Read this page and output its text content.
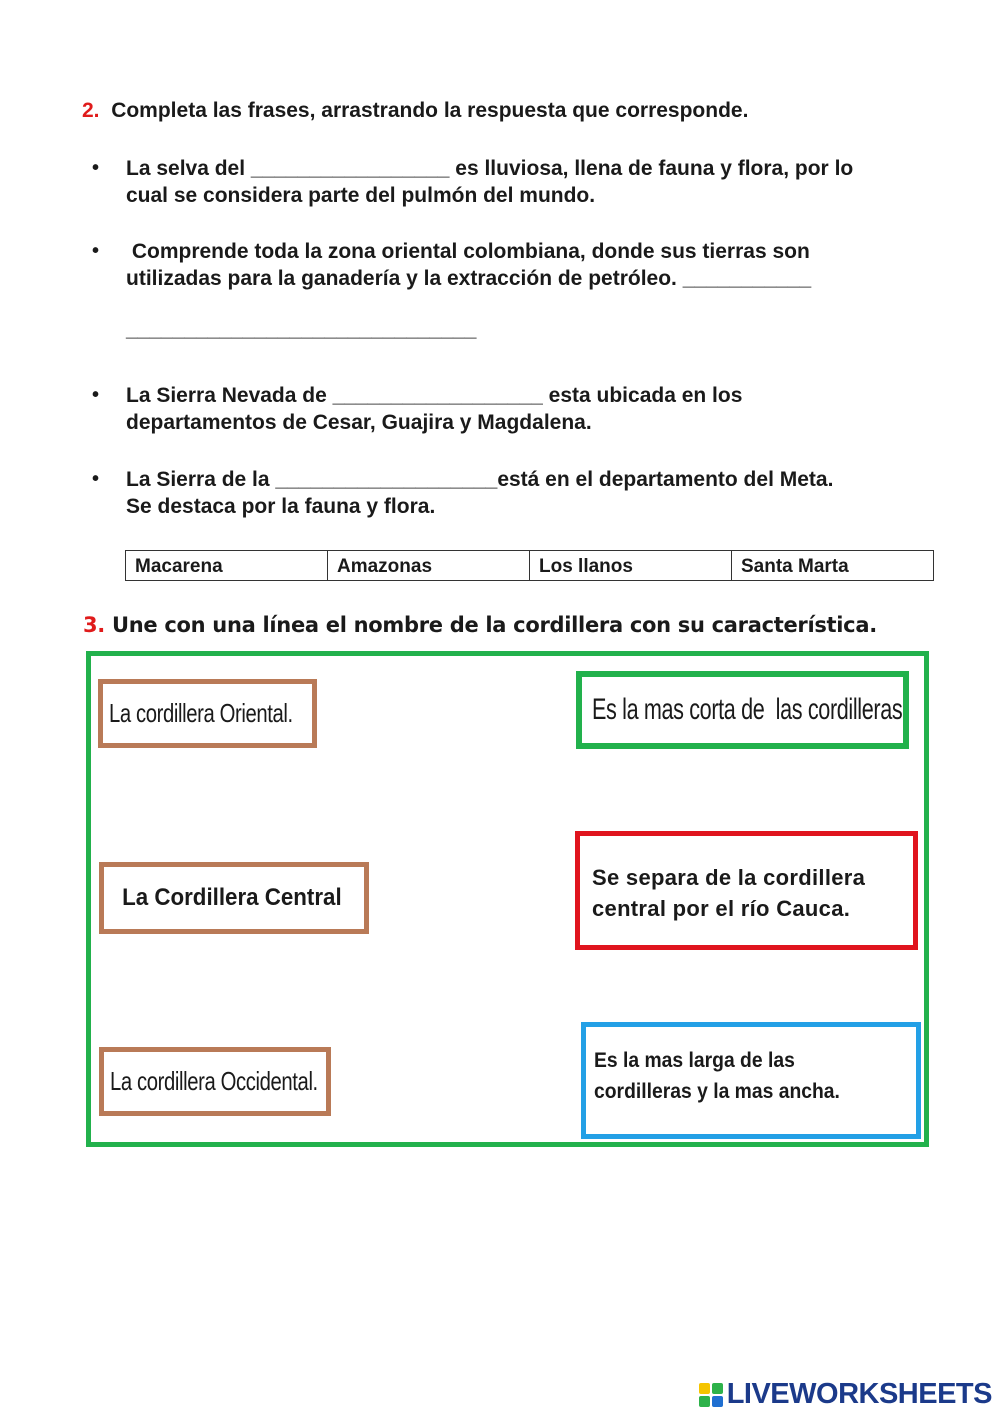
2. Completa las frases, arrastrando la respuesta que corresponde.
• La selva del _________________ es lluviosa, llena de fauna y flora, por lo
cual se considera parte del pulmón del mundo.
• Comprende toda la zona oriental colombiana, donde sus tierras son
utilizadas para la ganadería y la extracción de petróleo. ___________
• La Sierra Nevada de __________________ esta ubicada en los
departamentos de Cesar, Guajira y Magdalena.
• La Sierra de la ___________________está en el departamento del Meta.
Se destaca por la fauna y flora.
______________________________
Macarena	Amazonas	Los llanos	Santa Marta
3. Une con una línea el nombre de la cordillera con su característica.
La cordillera Oriental.
La Cordillera Central
La cordillera Occidental.
Es la mas corta de  las cordilleras
Se separa de la cordillera
central por el río Cauca.
Es la mas larga de las
cordilleras y la mas ancha.
LIVEWORKSHEETS
